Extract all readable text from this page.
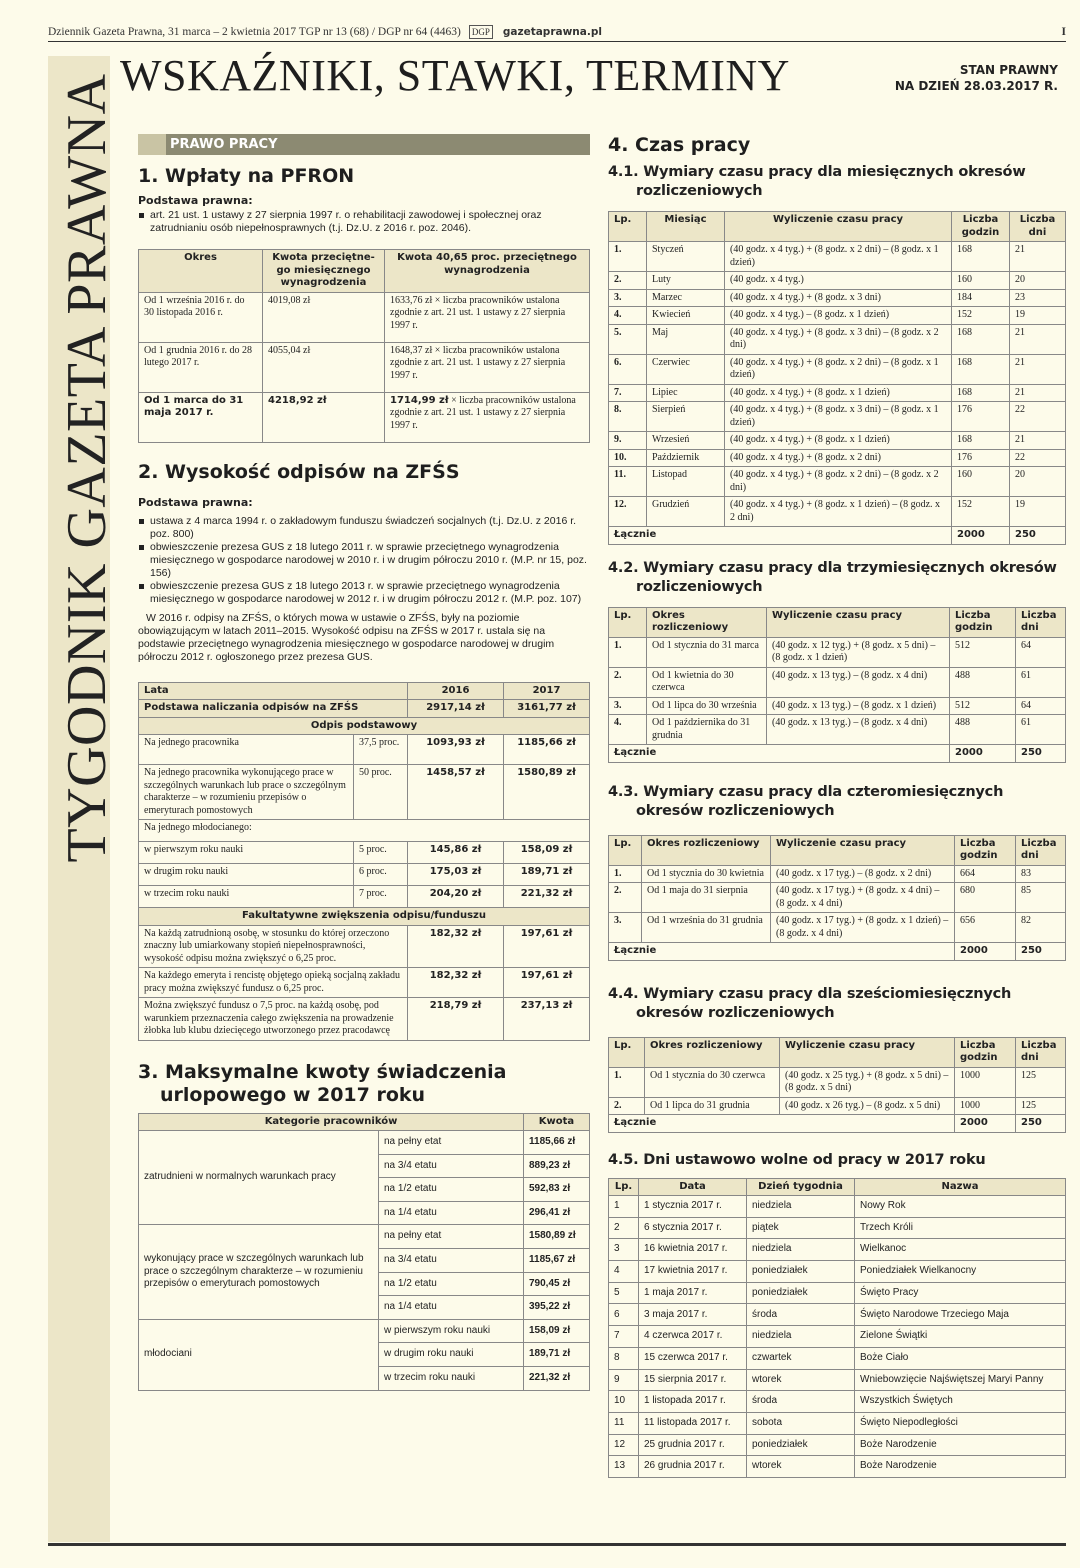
Dziennik Gazeta Prawna, 31 marca – 2 kwietnia 2017 TGP nr 13 (68) / DGP nr 64 (4463)	DGP gazetaprawna.pl	I
TYGODNIK GAZETA PRAWNA WSKAŹNIKI, STAWKI, TERMINY	STAN PRAWNY
NA DZIEŃ 28.03.2017 R.
PRAWO PRACY
1. Wpłaty na PFRON
Podstawa prawna:
art. 21 ust. 1 ustawy z 27 sierpnia 1997 r. o rehabilitacji zawodowej i społecznej oraz zatrudnianiu osób niepełnosprawnych (t.j. Dz.U. z 2016 r. poz. 2046).
Okres	Kwota przeciętne-go miesięcznego wynagrodzenia	Kwota 40,65 proc. przeciętnego wynagrodzenia
Od 1 września 2016 r. do 30 listopada 2016 r.	4019,08 zł	1633,76 zł × liczba pracowników ustalona zgodnie z art. 21 ust. 1 ustawy z 27 sierpnia 1997 r.
Od 1 grudnia 2016 r. do 28 lutego 2017 r.	4055,04 zł	1648,37 zł × liczba pracowników ustalona zgodnie z art. 21 ust. 1 ustawy z 27 sierpnia 1997 r.
Od 1 marca do 31 maja 2017 r.	4218,92 zł	1714,99 zł × liczba pracowników ustalona zgodnie z art. 21 ust. 1 ustawy z 27 sierpnia 1997 r.
2. Wysokość odpisów na ZFŚS
Podstawa prawna:
ustawa z 4 marca 1994 r. o zakładowym funduszu świadczeń socjalnych (t.j. Dz.U. z 2016 r. poz. 800)
obwieszczenie prezesa GUS z 18 lutego 2011 r. w sprawie przeciętnego wynagrodzenia miesięcznego w gospodarce narodowej w 2010 r. i w drugim półroczu 2010 r. (M.P. nr 15, poz. 156)
obwieszczenie prezesa GUS z 18 lutego 2013 r. w sprawie przeciętnego wynagrodzenia miesięcznego w gospodarce narodowej w 2012 r. i w drugim półroczu 2012 r. (M.P. poz. 107)

W 2016 r. odpisy na ZFŚS, o których mowa w ustawie o ZFŚS, były na poziomie obowiązującym w latach 2011–2015. Wysokość odpisu na ZFŚS w 2017 r. ustala się na podstawie przeciętnego wynagrodzenia miesięcznego w gospodarce narodowej w drugim półroczu 2012 r. ogłoszonego przez prezesa GUS.

Lata		2016	2017
Podstawa naliczania odpisów na ZFŚS		2917,14 zł	3161,77 zł
Odpis podstawowy			
Na jednego pracownika	37,5 proc.	1093,93 zł	1185,66 zł
Na jednego pracownika wykonującego prace w szczególnych warunkach lub prace o szczególnym charakterze – w rozumieniu przepisów o emeryturach pomostowych	50 proc.	1458,57 zł	1580,89 zł
Na jednego młodocianego:			
w pierwszym roku nauki	5 proc.	145,86 zł	158,09 zł
w drugim roku nauki	6 proc.	175,03 zł	189,71 zł
w trzecim roku nauki	7 proc.	204,20 zł	221,32 zł
Fakultatywne zwiększenia odpisu/funduszu			
Na każdą zatrudnioną osobę, w stosunku do której orzeczono znaczny lub umiarkowany stopień niepełnosprawności, wysokość odpisu można zwiększyć o 6,25 proc.		182,32 zł	197,61 zł
Na każdego emeryta i rencistę objętego opieką socjalną zakładu pracy można zwiększyć fundusz o 6,25 proc.		182,32 zł	197,61 zł
Można zwiększyć fundusz o 7,5 proc. na każdą osobę, pod warunkiem przeznaczenia całego zwiększenia na prowadzenie żłobka lub klubu dziecięcego utworzonego przez pracodawcę		218,79 zł	237,13 zł
3. Maksymalne kwoty świadczenia urlopowego w 2017 roku
Kategorie pracowników		Kwota
zatrudnieni w normalnych warunkach pracy	na pełny etat	1185,66 zł
	na 3/4 etatu	889,23 zł
	na 1/2 etatu	592,83 zł
	na 1/4 etatu	296,41 zł
wykonujący prace w szczególnych warunkach lub prace o szczególnym charakterze – w rozumieniu przepisów o emeryturach pomostowych	na pełny etat	1580,89 zł
	na 3/4 etatu	1185,67 zł
	na 1/2 etatu	790,45 zł
	na 1/4 etatu	395,22 zł
młodociani	w pierwszym roku nauki	158,09 zł
	w drugim roku nauki	189,71 zł
	w trzecim roku nauki	221,32 zł
4. Czas pracy
4.1. Wymiary czasu pracy dla miesięcznych okresów rozliczeniowych
Lp.	Miesiąc	Wyliczenie czasu pracy	Liczba godzin	Liczba dni
1.	Styczeń	(40 godz. x 4 tyg.) + (8 godz. x 2 dni) – (8 godz. x 1 dzień)	168	21
2.	Luty	(40 godz. x 4 tyg.)	160	20
3.	Marzec	(40 godz. x 4 tyg.) + (8 godz. x 3 dni)	184	23
4.	Kwiecień	(40 godz. x 4 tyg.) – (8 godz. x 1 dzień)	152	19
5.	Maj	(40 godz. x 4 tyg.) + (8 godz. x 3 dni) – (8 godz. x 2 dni)	168	21
6.	Czerwiec	(40 godz. x 4 tyg.) + (8 godz. x 2 dni) – (8 godz. x 1 dzień)	168	21
7.	Lipiec	(40 godz. x 4 tyg.) + (8 godz. x 1 dzień)	168	21
8.	Sierpień	(40 godz. x 4 tyg.) + (8 godz. x 3 dni) – (8 godz. x 1 dzień)	176	22
9.	Wrzesień	(40 godz. x 4 tyg.) + (8 godz. x 1 dzień)	168	21
10.	Październik	(40 godz. x 4 tyg.) + (8 godz. x 2 dni)	176	22
11.	Listopad	(40 godz. x 4 tyg.) + (8 godz. x 2 dni) – (8 godz. x 2 dni)	160	20
12.	Grudzień	(40 godz. x 4 tyg.) + (8 godz. x 1 dzień) – (8 godz. x 2 dni)	152	19
Łącznie			2000	250
4.2. Wymiary czasu pracy dla trzymiesięcznych okresów rozliczeniowych
Lp.	Okres rozliczeniowy	Wyliczenie czasu pracy	Liczba godzin	Liczba dni
1.	Od 1 stycznia do 31 marca	(40 godz. x 12 tyg.) + (8 godz. x 5 dni) – (8 godz. x 1 dzień)	512	64
2.	Od 1 kwietnia do 30 czerwca	(40 godz. x 13 tyg.) – (8 godz. x 4 dni)	488	61
3.	Od 1 lipca do 30 września	(40 godz. x 13 tyg.) – (8 godz. x 1 dzień)	512	64
4.	Od 1 października do 31 grudnia	(40 godz. x 13 tyg.) – (8 godz. x 4 dni)	488	61
Łącznie			2000	250
4.3. Wymiary czasu pracy dla czteromiesięcznych okresów rozliczeniowych
Lp.	Okres rozliczeniowy	Wyliczenie czasu pracy	Liczba godzin	Liczba dni
1.	Od 1 stycznia do 30 kwietnia	(40 godz. x 17 tyg.) – (8 godz. x 2 dni)	664	83
2.	Od 1 maja do 31 sierpnia	(40 godz. x 17 tyg.) + (8 godz. x 4 dni) – (8 godz. x 4 dni)	680	85
3.	Od 1 września do 31 grudnia	(40 godz. x 17 tyg.) + (8 godz. x 1 dzień) – (8 godz. x 4 dni)	656	82
Łącznie			2000	250
4.4. Wymiary czasu pracy dla sześciomiesięcznych okresów rozliczeniowych
Lp.	Okres rozliczeniowy	Wyliczenie czasu pracy	Liczba godzin	Liczba dni
1.	Od 1 stycznia do 30 czerwca	(40 godz. x 25 tyg.) + (8 godz. x 5 dni) – (8 godz. x 5 dni)	1000	125
2.	Od 1 lipca do 31 grudnia	(40 godz. x 26 tyg.) – (8 godz. x 5 dni)	1000	125
Łącznie			2000	250
4.5. Dni ustawowo wolne od pracy w 2017 roku
Lp.	Data	Dzień tygodnia	Nazwa
1	1 stycznia 2017 r.	niedziela	Nowy Rok
2	6 stycznia 2017 r.	piątek	Trzech Króli
3	16 kwietnia 2017 r.	niedziela	Wielkanoc
4	17 kwietnia 2017 r.	poniedziałek	Poniedziałek Wielkanocny
5	1 maja 2017 r.	poniedziałek	Święto Pracy
6	3 maja 2017 r.	środa	Święto Narodowe Trzeciego Maja
7	4 czerwca 2017 r.	niedziela	Zielone Świątki
8	15 czerwca 2017 r.	czwartek	Boże Ciało
9	15 sierpnia 2017 r.	wtorek	Wniebowzięcie Najświętszej Maryi Panny
10	1 listopada 2017 r.	środa	Wszystkich Świętych
11	11 listopada 2017 r.	sobota	Święto Niepodległości
12	25 grudnia 2017 r.	poniedziałek	Boże Narodzenie
13	26 grudnia 2017 r.	wtorek	Boże Narodzenie
